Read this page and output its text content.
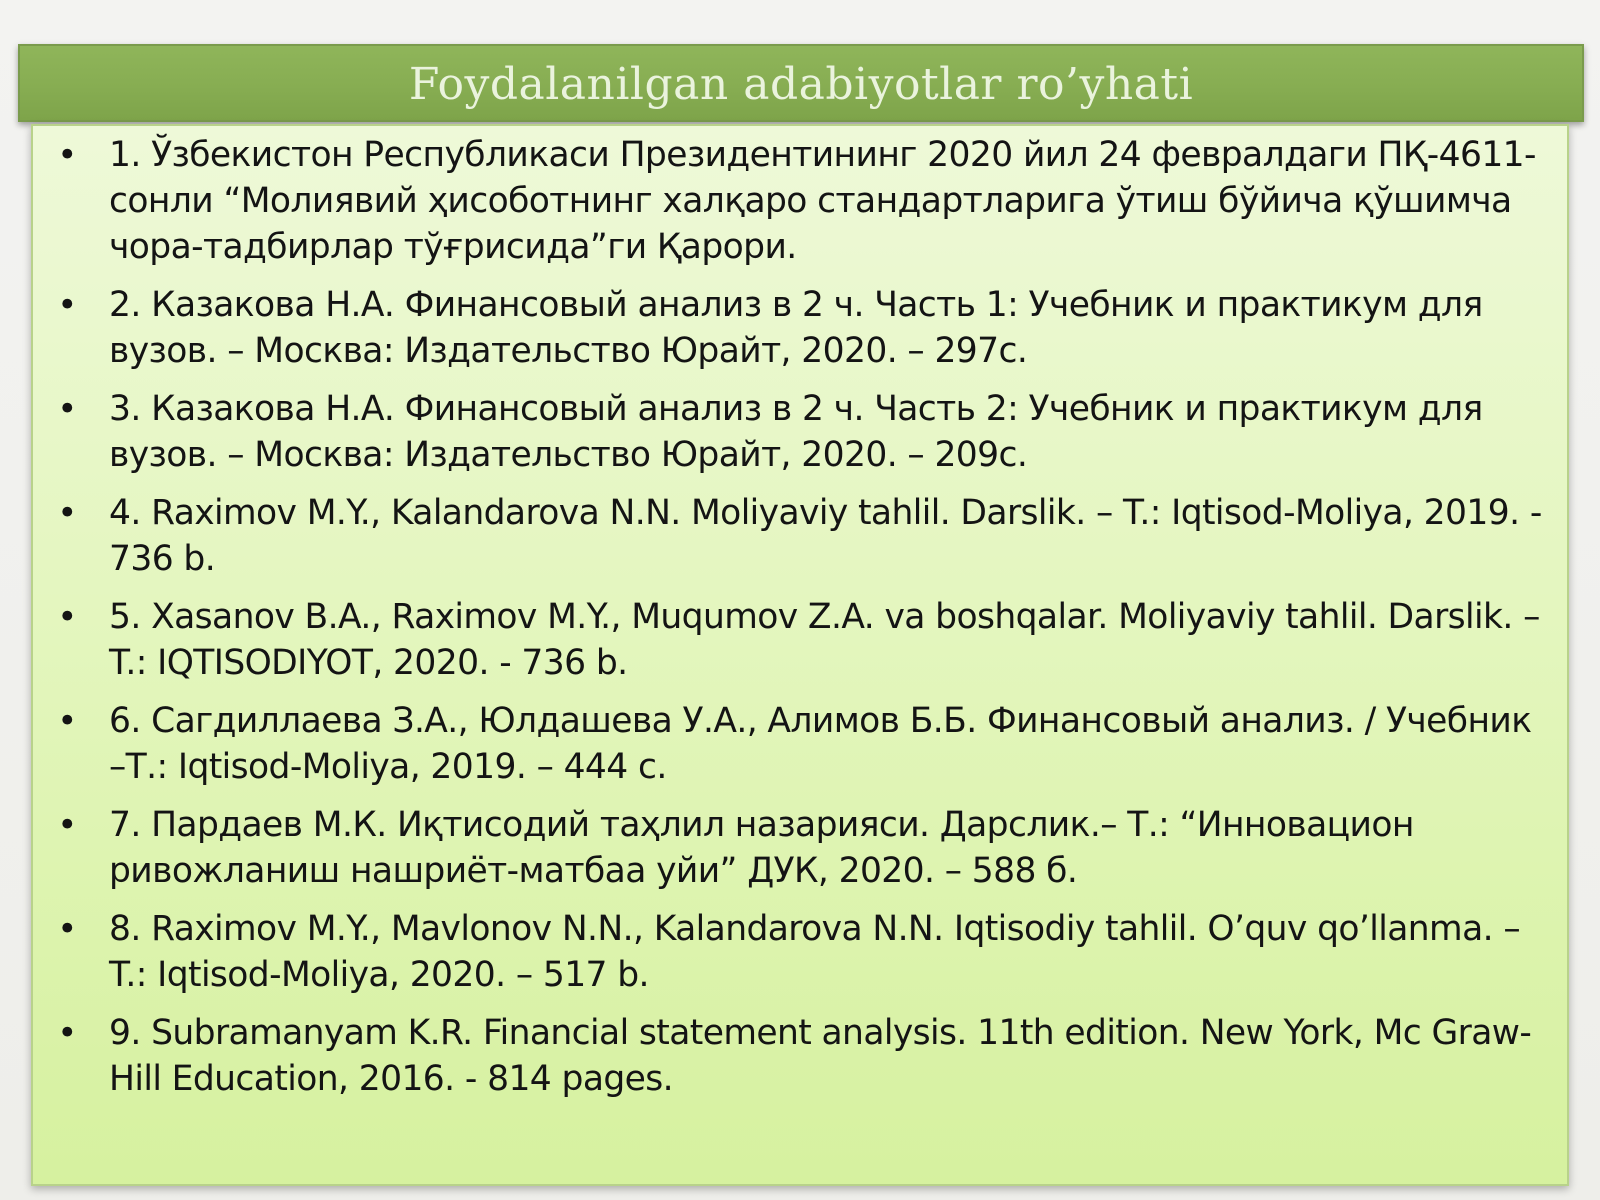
Foydalanilgan adabiyotlar ro’yhati
• 1. Ўзбекистон Республикаси Президентининг 2020 йил 24 февралдаги ПҚ-4611-сонли “Молиявий ҳисоботнинг халқаро стандартларига ўтиш бўйича қўшимча чора-тадбирлар тўғрисида”ги Қарори.
• 2. Казакова Н.А. Финансовый анализ в 2 ч. Часть 1: Учебник и практикум для вузов. – Москва: Издательство Юрайт, 2020. – 297с.
• 3. Казакова Н.А. Финансовый анализ в 2 ч. Часть 2: Учебник и практикум для вузов. – Москва: Издательство Юрайт, 2020. – 209с.
• 4. Raximov M.Y., Kalandarova N.N. Moliyaviy tahlil. Darslik. – T.: Iqtisod-Moliya, 2019. - 736 b.
• 5. Xasanov B.A., Raximov M.Y., Muqumov Z.A. va boshqalar. Moliyaviy tahlil. Darslik. – T.: IQTISODIYOT, 2020. - 736 b.
• 6. Сагдиллаева З.А., Юлдашева У.А., Алимов Б.Б. Финансовый анализ. / Учебник –Т.: Iqtisod-Moliya, 2019. – 444 с.
• 7. Пардаев М.К. Иқтисодий таҳлил назарияси. Дарслик.– Т.: “Инновацион ривожланиш нашриёт-матбаа уйи” ДУК, 2020. – 588 б.
• 8. Raximov M.Y., Mavlonov N.N., Kalandarova N.N. Iqtisodiy tahlil. O’quv qo’llanma. – T.: Iqtisod-Moliya, 2020. – 517 b.
• 9. Subramanyam K.R. Financial statement analysis. 11th edition. New York, Mc Graw-Hill Education, 2016. - 814 pages.
